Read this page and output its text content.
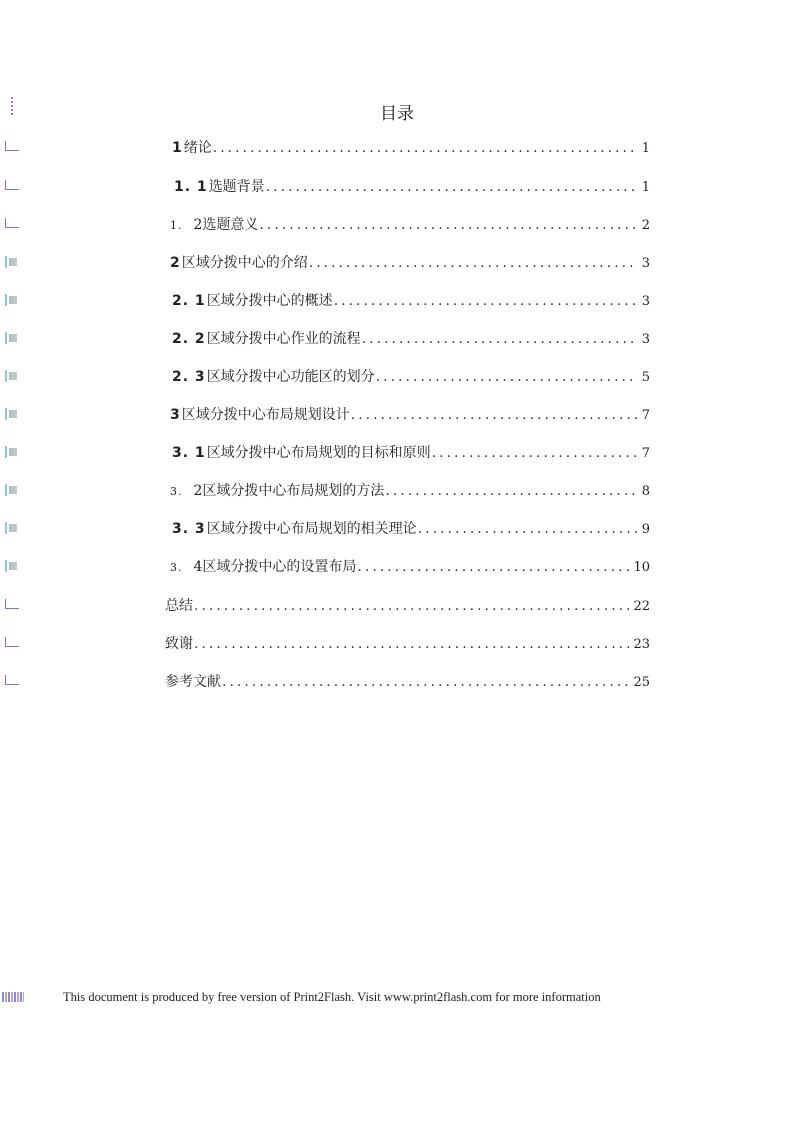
目录
1 绪论 .....	1
1. 1 选题背景 .....	1
1. 2选题意义 .....	2
2 区域分拨中心的介绍 .....	3
2. 1 区域分拨中心的概述 .....	3
2. 2 区域分拨中心作业的流程 .....	3
2. 3 区域分拨中心功能区的划分 .....	5
3 区域分拨中心布局规划设计 .....	7
3. 1 区域分拨中心布局规划的目标和原则 .....	7
3. 2区域分拨中心布局规划的方法 .....	8
3. 3 区域分拨中心布局规划的相关理论 .....	9
3. 4区域分拨中心的设置布局 .....	10
总结 .....	22
致谢 .....	23
参考文献 .....	25
This document is produced by free version of Print2Flash. Visit www.print2flash.com for more information
